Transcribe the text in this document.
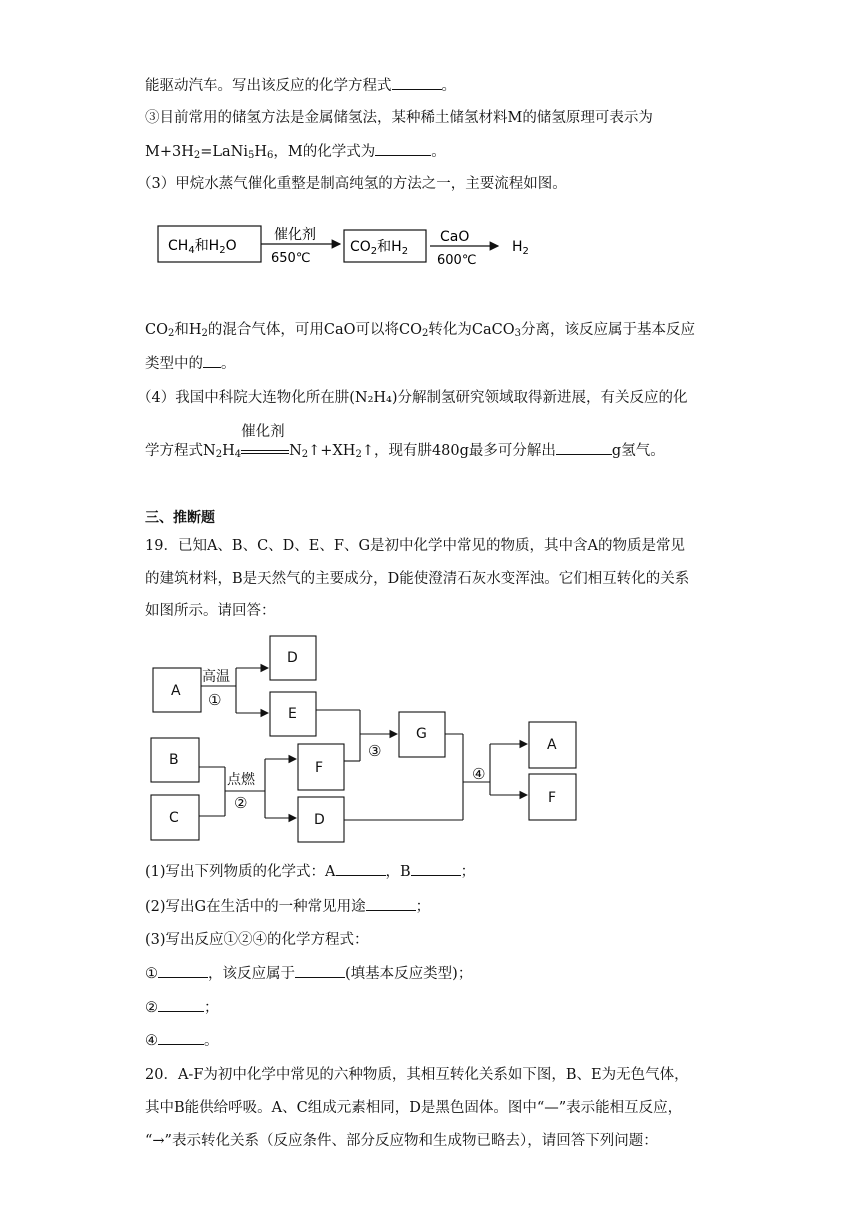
能驱动汽车。写出该反应的化学方程式	。
③目前常用的储氢方法是金属储氢法，某种稀土储氢材料M的储氢原理可表示为
$M+3H_2=LaNi_5H_6$，M的化学式为	。
（3）甲烷水蒸气催化重整是制高纯氢的方法之一，主要流程如图。
$CH_4$和$H_2O$
催化剂
650℃
$CO_2$和$H_2$
CaO
600℃
$H_2$
$CO_2$和$H_2$的混合气体，可用CaO可以将$CO_2$转化为CaCO$_3$分离，该反应属于基本反应
类型中的 。
（4）我国中科院大连物化所在肼(N₂H₄)分解制氢研究领域取得新进展，有关反应的化
学方程式$N_2H_4$
催化剂
$N_2↑+XH_2↑$，现有肼480g最多可分解出	g氢气。
三、推断题
19．已知A、B、C、D、E、F、G是初中化学中常见的物质，其中含A的物质是常见
的建筑材料，B是天然气的主要成分，D能使澄清石灰水变浑浊。它们相互转化的关系
如图所示。请回答：
A
D
E
B
C
F
D
G
A
F
高温
①
点燃
②
③
④
(1)写出下列物质的化学式：A	，B	；
(2)写出G在生活中的一种常见用途	；
(3)写出反应①②④的化学方程式：
①	，该反应属于	(填基本反应类型)；
②	；
④	。
20．A-F为初中化学中常见的六种物质，其相互转化关系如下图，B、E为无色气体，
其中B能供给呼吸。A、C组成元素相同，D是黑色固体。图中“—”表示能相互反应，
“→”表示转化关系（反应条件、部分反应物和生成物已略去），请回答下列问题：
